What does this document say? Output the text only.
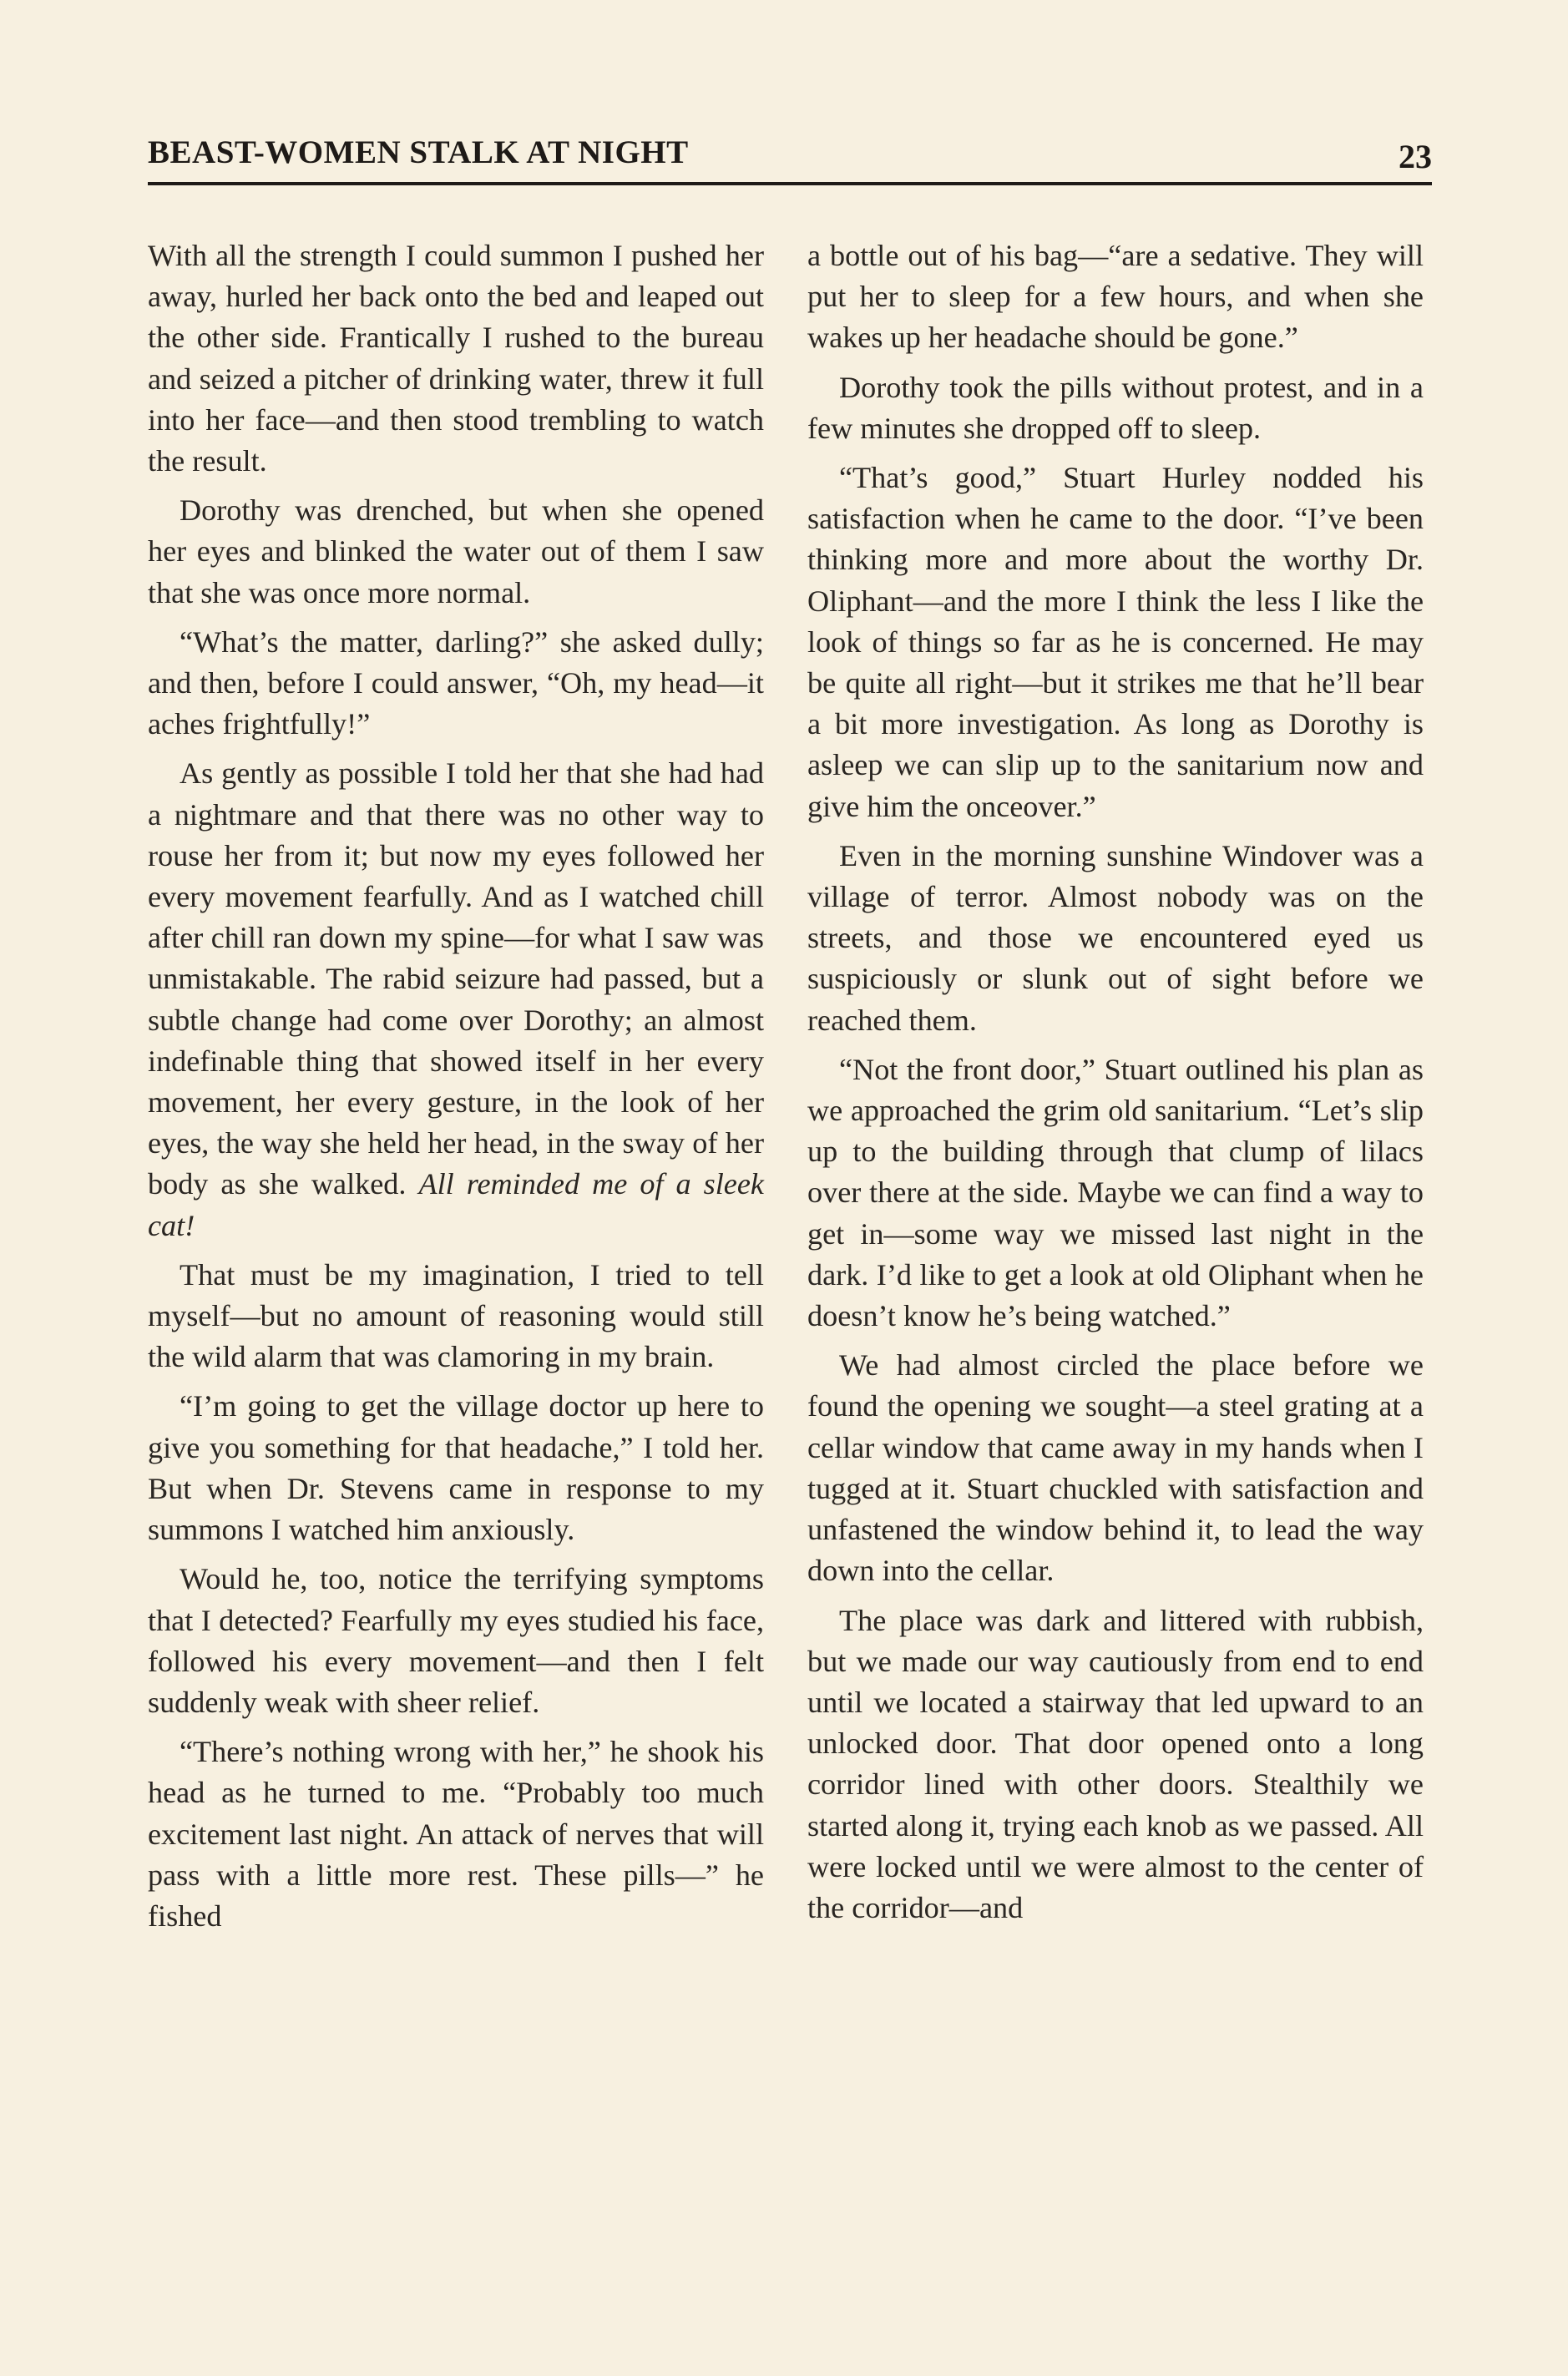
BEAST-WOMEN STALK AT NIGHT	23

With all the strength I could summon I pushed her away, hurled her back onto the bed and leaped out the other side. Frantically I rushed to the bureau and seized a pitcher of drinking water, threw it full into her face—and then stood trembling to watch the result.

Dorothy was drenched, but when she opened her eyes and blinked the water out of them I saw that she was once more normal.

“What’s the matter, darling?” she asked dully; and then, before I could answer, “Oh, my head—it aches frightfully!”

As gently as possible I told her that she had had a nightmare and that there was no other way to rouse her from it; but now my eyes followed her every movement fearfully. And as I watched chill after chill ran down my spine—for what I saw was unmistakable. The rabid seizure had passed, but a subtle change had come over Dorothy; an almost indefinable thing that showed itself in her every movement, her every gesture, in the look of her eyes, the way she held her head, in the sway of her body as she walked. All reminded me of a sleek cat!

That must be my imagination, I tried to tell myself—but no amount of reasoning would still the wild alarm that was clamoring in my brain.

“I’m going to get the village doctor up here to give you something for that headache,” I told her. But when Dr. Stevens came in response to my summons I watched him anxiously.

Would he, too, notice the terrifying symptoms that I detected? Fearfully my eyes studied his face, followed his every movement—and then I felt suddenly weak with sheer relief.

“There’s nothing wrong with her,” he shook his head as he turned to me. “Probably too much excitement last night. An attack of nerves that will pass with a little more rest. These pills—” he fished

a bottle out of his bag—“are a sedative. They will put her to sleep for a few hours, and when she wakes up her headache should be gone.”

Dorothy took the pills without protest, and in a few minutes she dropped off to sleep.

“That’s good,” Stuart Hurley nodded his satisfaction when he came to the door. “I’ve been thinking more and more about the worthy Dr. Oliphant—and the more I think the less I like the look of things so far as he is concerned. He may be quite all right—but it strikes me that he’ll bear a bit more investigation. As long as Dorothy is asleep we can slip up to the sanitarium now and give him the onceover.”

Even in the morning sunshine Windover was a village of terror. Almost nobody was on the streets, and those we encountered eyed us suspiciously or slunk out of sight before we reached them.

“Not the front door,” Stuart outlined his plan as we approached the grim old sanitarium. “Let’s slip up to the building through that clump of lilacs over there at the side. Maybe we can find a way to get in—some way we missed last night in the dark. I’d like to get a look at old Oliphant when he doesn’t know he’s being watched.”

We had almost circled the place before we found the opening we sought—a steel grating at a cellar window that came away in my hands when I tugged at it. Stuart chuckled with satisfaction and unfastened the window behind it, to lead the way down into the cellar.

The place was dark and littered with rubbish, but we made our way cautiously from end to end until we located a stairway that led upward to an unlocked door. That door opened onto a long corridor lined with other doors. Stealthily we started along it, trying each knob as we passed. All were locked until we were almost to the center of the corridor—and
